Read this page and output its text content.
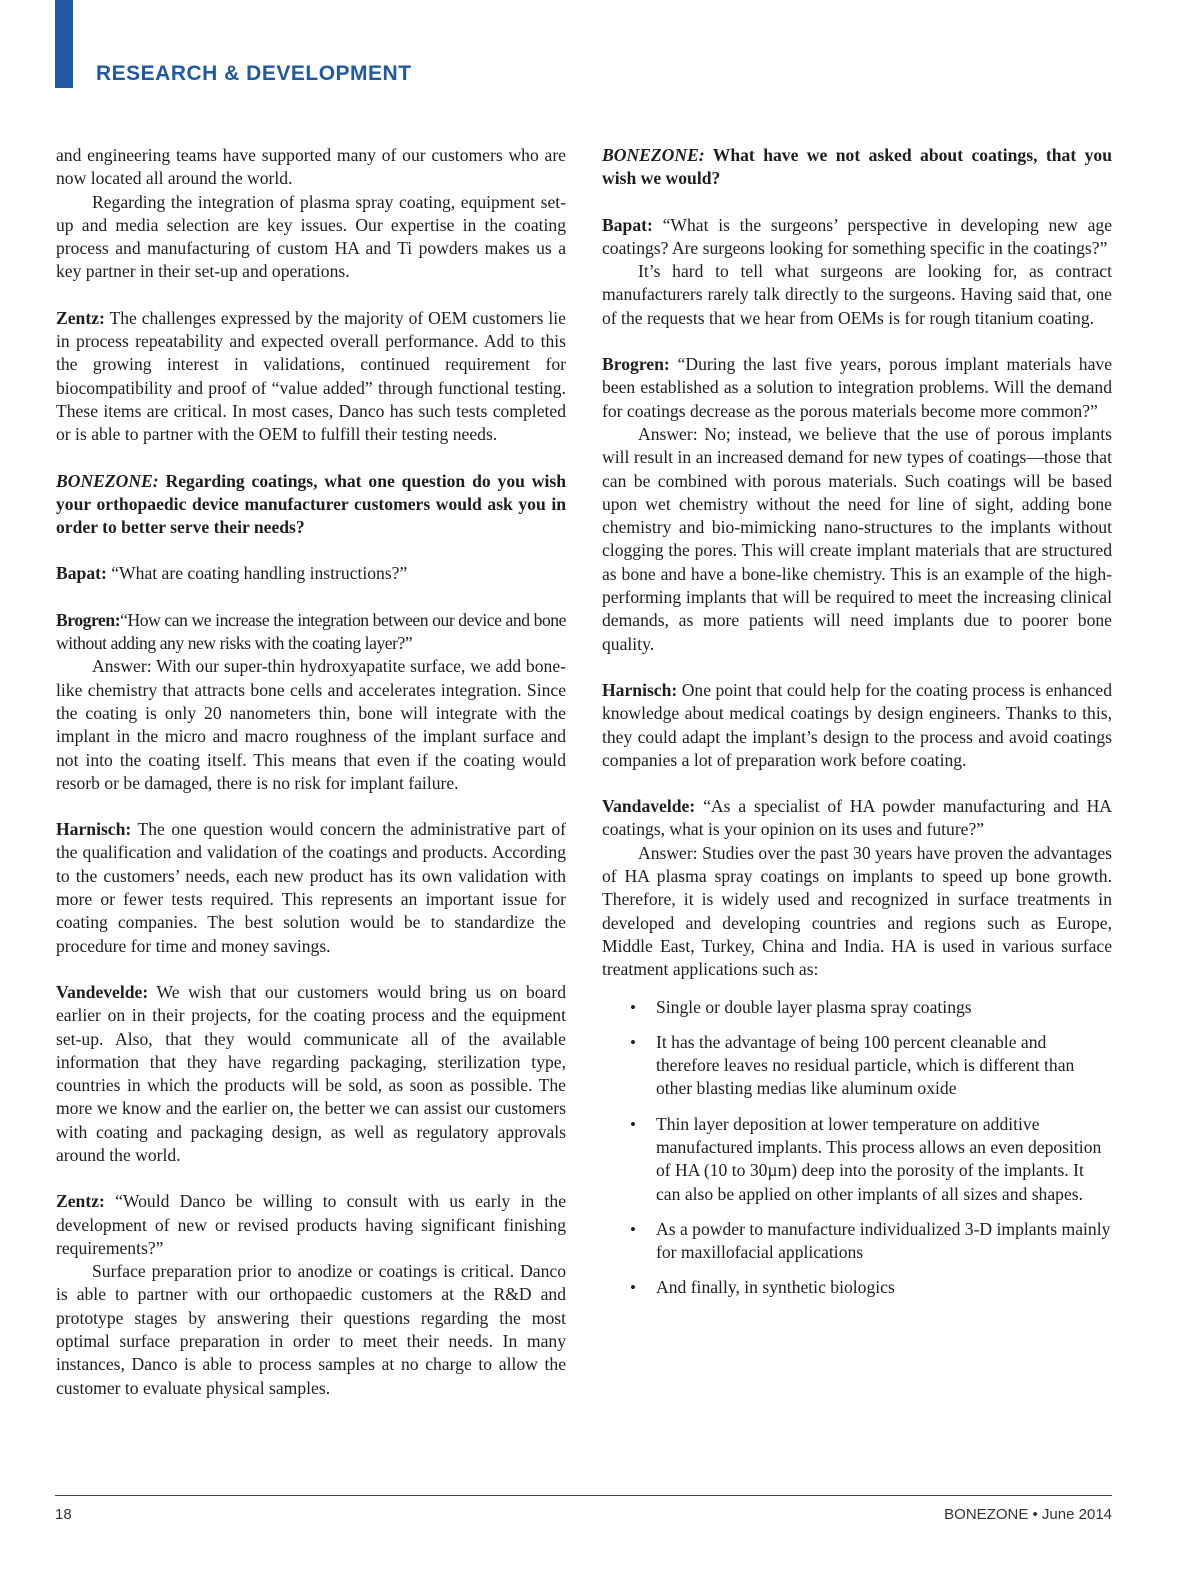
RESEARCH & DEVELOPMENT

and engineering teams have supported many of our customers who are now located all around the world.

Regarding the integration of plasma spray coating, equipment set-up and media selection are key issues. Our expertise in the coating process and manufacturing of custom HA and Ti powders makes us a key partner in their set-up and operations.

Zentz: The challenges expressed by the majority of OEM customers lie in process repeatability and expected overall performance. Add to this the growing interest in validations, continued requirement for biocompatibility and proof of “value added” through functional testing. These items are critical. In most cases, Danco has such tests completed or is able to partner with the OEM to fulfill their testing needs.

BONEZONE: Regarding coatings, what one question do you wish your orthopaedic device manufacturer customers would ask you in order to better serve their needs?

Bapat: “What are coating handling instructions?”

Brogren:“How can we increase the integration between our device and bone without adding any new risks with the coating layer?”

Answer: With our super-thin hydroxyapatite surface, we add bone-like chemistry that attracts bone cells and accelerates integration. Since the coating is only 20 nanometers thin, bone will integrate with the implant in the micro and macro roughness of the implant surface and not into the coating itself. This means that even if the coating would resorb or be damaged, there is no risk for implant failure.

Harnisch: The one question would concern the administrative part of the qualification and validation of the coatings and products. According to the customers’ needs, each new product has its own validation with more or fewer tests required. This represents an important issue for coating companies. The best solution would be to standardize the procedure for time and money savings.

Vandevelde: We wish that our customers would bring us on board earlier on in their projects, for the coating process and the equipment set-up. Also, that they would communicate all of the available information that they have regarding packaging, sterilization type, countries in which the products will be sold, as soon as possible. The more we know and the earlier on, the better we can assist our customers with coating and packaging design, as well as regulatory approvals around the world.

Zentz: “Would Danco be willing to consult with us early in the development of new or revised products having significant finishing requirements?”

Surface preparation prior to anodize or coatings is critical. Danco is able to partner with our orthopaedic customers at the R&D and prototype stages by answering their questions regarding the most optimal surface preparation in order to meet their needs. In many instances, Danco is able to process samples at no charge to allow the customer to evaluate physical samples.

BONEZONE: What have we not asked about coatings, that you wish we would?

Bapat: “What is the surgeons’ perspective in developing new age coatings? Are surgeons looking for something specific in the coatings?”

It’s hard to tell what surgeons are looking for, as contract manufacturers rarely talk directly to the surgeons. Having said that, one of the requests that we hear from OEMs is for rough titanium coating.

Brogren: “During the last five years, porous implant materials have been established as a solution to integration problems. Will the demand for coatings decrease as the porous materials become more common?”

Answer: No; instead, we believe that the use of porous implants will result in an increased demand for new types of coatings—those that can be combined with porous materials. Such coatings will be based upon wet chemistry without the need for line of sight, adding bone chemistry and bio-mimicking nano-structures to the implants without clogging the pores. This will create implant materials that are structured as bone and have a bone-like chemistry. This is an example of the high-performing implants that will be required to meet the increasing clinical demands, as more patients will need implants due to poorer bone quality.

Harnisch: One point that could help for the coating process is enhanced knowledge about medical coatings by design engineers. Thanks to this, they could adapt the implant’s design to the process and avoid coatings companies a lot of preparation work before coating.

Vandavelde: “As a specialist of HA powder manufacturing and HA coatings, what is your opinion on its uses and future?”

Answer: Studies over the past 30 years have proven the advantages of HA plasma spray coatings on implants to speed up bone growth. Therefore, it is widely used and recognized in surface treatments in developed and developing countries and regions such as Europe, Middle East, Turkey, China and India. HA is used in various surface treatment applications such as:

• Single or double layer plasma spray coatings
• It has the advantage of being 100 percent cleanable and therefore leaves no residual particle, which is different than other blasting medias like aluminum oxide
• Thin layer deposition at lower temperature on additive manufactured implants. This process allows an even deposition of HA (10 to 30µm) deep into the porosity of the implants. It can also be applied on other implants of all sizes and shapes.
• As a powder to manufacture individualized 3-D implants mainly for maxillofacial applications
• And finally, in synthetic biologics
18	BONEZONE • June 2014
